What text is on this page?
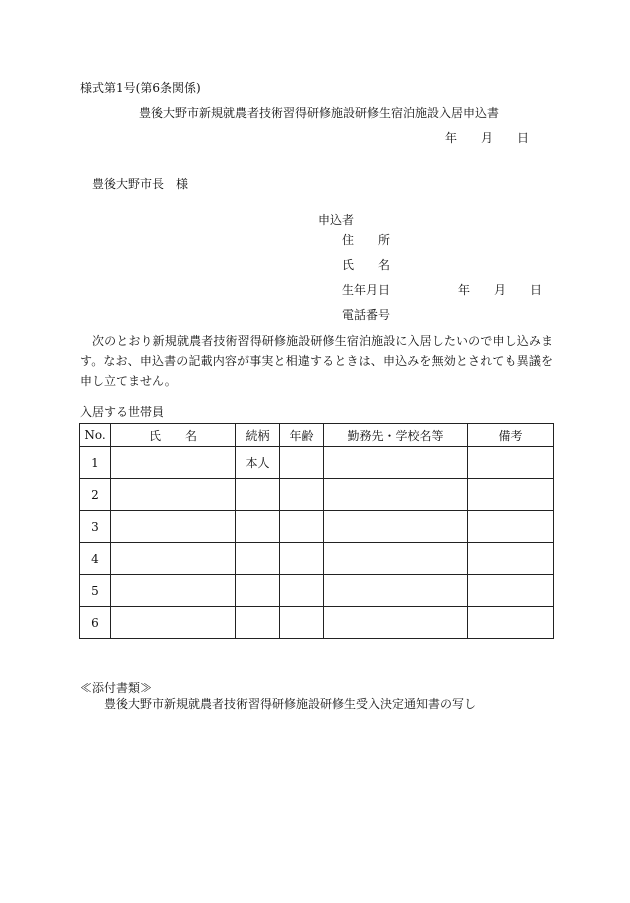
様式第1号(第6条関係)
豊後大野市新規就農者技術習得研修施設研修生宿泊施設入居申込書
年 月 日
豊後大野市長　様
申込者
住　　所
氏　　名
生年月日	年 月 日
電話番号

次のとおり新規就農者技術習得研修施設研修生宿泊施設に入居したいので申し込みます。なお、申込書の記載内容が事実と相違するときは、申込みを無効とされても異議を申し立てません。

入居する世帯員
No.	氏　　名	続柄	年齢	勤務先・学校名等	備考
1		本人			
2					
3					
4					
5					
6					
≪添付書類≫
豊後大野市新規就農者技術習得研修施設研修生受入決定通知書の写し
